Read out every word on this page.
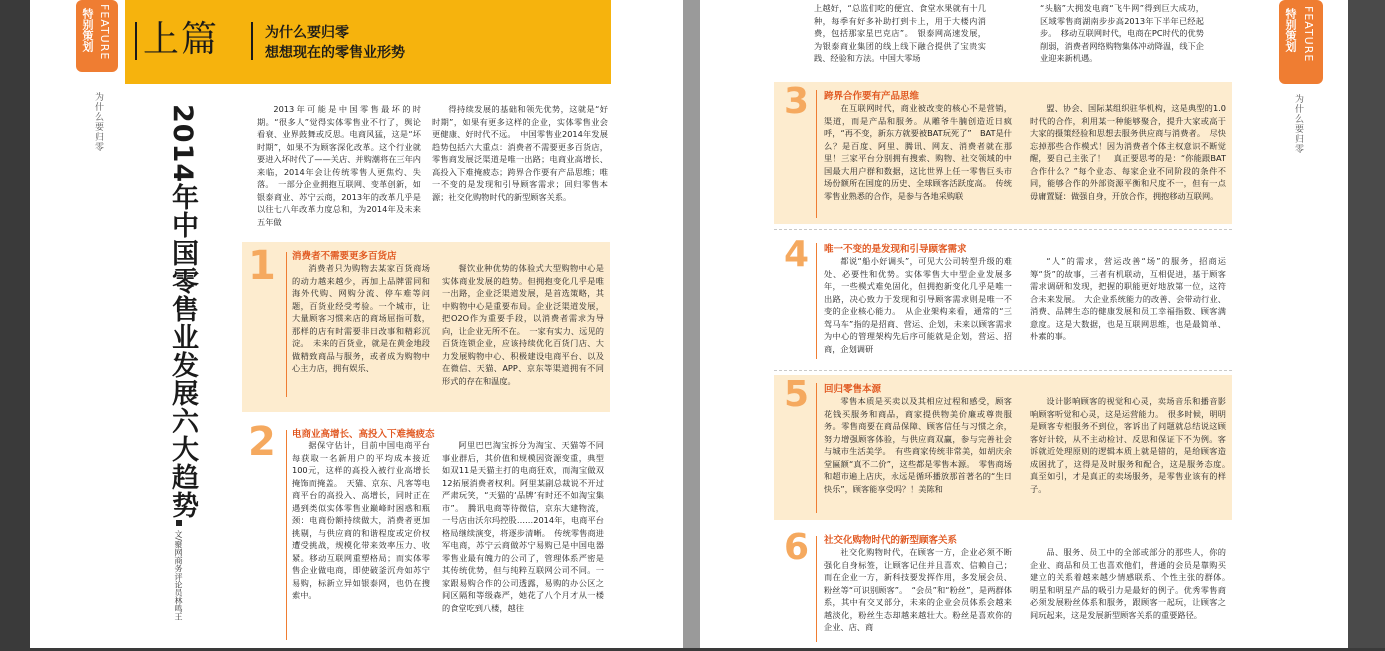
特别策划 FEATURE
为什么要归零
上篇	为什么要归零
想想现在的零售业形势
2014年中国零售业发展六大趋势
文/聚网商务评论员林鸣王

2013年可能是中国零售最坏的时期。“很多人”觉得实体零售业不行了，舆论看衰、业界鼓舞或反思。电商风猛，这是“坏时期”，如果不为顾客深化改革。这个行业就要进入坏时代了——关店、并购潮将在三年内来临，2014年会让传统零售人更焦灼、失落。　一部分企业拥抱互联网、变革创新，如银泰商业、苏宁云商，2013年的改革几乎是以往七八年改革力度总和，为2014年及未来五年做

得持续发展的基础和领先优势，这就是“好时期”，如果有更多这样的企业，实体零售业会更健康、好时代不远。　中国零售业2014年发展趋势包括六大重点：消费者不需要更多百货店，零售商发展泛渠道是唯一出路；电商业高增长、高投入下难掩疲态；跨界合作要有产品思维；唯一不变的是发现和引导顾客需求；回归零售本源；社交化购物时代的新型顾客关系。

1 消费者不需要更多百货店

消费者只为购物去某家百货商场的动力越来越少，再加上品牌雷同和海外代购、网购分流、停车难等问题，百货业经受考验。一个城市，让大量顾客习惯来店的商场屈指可数，那样的店有时需要非日改事和精彩沉淀。　未来的百货业，就是在黄金地段做精致商品与服务，或者成为购物中心主力店，拥有娱乐、

餐饮业种优势的体验式大型购物中心是实体商业发展的趋势。但拥抱变化几乎是唯一出路，企业泛渠道发展，是首选策略，其中购物中心是重要布局。企业泛渠道发展，把O2O作为重要手段，以消费者需求为导向，让企业无所不在。　一家有实力、远见的百货连锁企业，应该持续优化百货门店、大力发展购物中心、积极建设电商平台、以及在微信、天猫、APP、京东等渠道拥有不同形式的存在和温度。

2 电商业高增长、高投入下难掩疲态

据保守估计，目前中国电商平台每获取一名新用户的平均成本接近100元，这样的高投入被行业高增长掩饰而掩盖。　天猫、京东、凡客等电商平台的高投入、高增长，同时正在遇到类似实体零售业巅峰时困惑和瓶颈：电商份额持续做大，消费者更加挑剔，与供应商的和谐程度或定价权遭受挑战，规模化带来效率压力、收紧。移动互联网重塑格局；而实体零售企业做电商，即使破釜沉舟如苏宁易购，标新立异如银泰网，也仍在搜索中。

阿里巴巴淘宝拆分为淘宝、天猫等不同事业群后，其价值和规模因资源变重，典型如双11是天猫主打的电商狂欢，而淘宝做双12拓展消费者权利。阿里某副总裁说不开过严肃玩笑，“天猫的‘品牌’有时还不如淘宝集市”。　腾讯电商等待微信，京东大建物流，一号店由沃尔玛控股……2014年，电商平台格局继续演变，将逐步清晰。　传统零售商进军电商，苏宁云商做苏宁易购已是中国电器零售业最有魄力的公司了，管理体系严密是其传统优势，但与纯粹互联网公司不同。一家跟易购合作的公司透露，易购的办公区之间区隔和等级森严，她花了八个月才从一楼的食堂吃到八楼，越往

上越好，“总监们吃的便宜、食堂水果就有十几种，每季有好多补助打到卡上，用于大楼内消费，包括那家星巴克店”。　银泰网高速发展，为银泰商业集团的线上线下融合提供了宝贵实践、经验和方法。中国大零场

“头脑”大拥发电商“飞牛网”得到巨大成功，区域零售商湖南步步高2013年下半年已经起步。　移动互联网时代，电商在PC时代的优势削弱，消费者网络购物集体冲动降温，线下企业迎来新机遇。

3 跨界合作要有产品思维

在互联网时代，商业被改变的核心不是营销，渠道，而是产品和服务。从雕爷牛腩创造近日疯呼，“再不变，新东方就要被BAT玩死了”　BAT是什么？是百度、阿里、腾讯、网友、消费者就在那里！三家平台分别拥有搜索、购物、社交领域的中国最大用户群和数据，这比世界上任一零售巨头市场份额所在国度的历史、全球顾客活跃度高。　传统零售业熟悉的合作，是参与各地采购联

盟、协会、国际某组织驻华机构，这是典型的1.0时代的合作，利用某一种能够聚合，提升大家或高于大家的摄策经验和思想去服务供应商与消费者。　尽快忘掉那些合作模式！因为消费者个体主权意识不断觉醒，要自己主张了！　真正要思考的是：“你能跟BAT合作什么？”每个业态、每家企业不同阶段的条件不同，能够合作的外部资源平衡和尺度不一，但有一点毋庸置疑：做强自身，开放合作，拥抱移动互联网。

4 唯一不变的是发现和引导顾客需求

都说“船小好调头”，可见大公司转型升级的难处、必要性和优势。实体零售大中型企业发展多年，一些模式难免固化，但拥抱新变化几乎是唯一出路，决心致力于发现和引导顾客需求则是唯一不变的企业核心能力。　从企业架构来看，通常的“三驾马车”指的是招商、营运、企划，未来以顾客需求为中心的管理架构先后序可能就是企划，营运、招商，企划调研

“人”的需求，营运改善“场”的服务，招商运筹“货”的故事，三者有机联动，互相促进，基于顾客需求调研和发现，把握的职能更好地放第一位，这符合未来发展。　大企业系统能力的改善、会带动行业、消费、品牌生态的健康发展和员工幸福指数、顾客满意度。这是大数据，也是互联网思维，也是最简单、朴素的事。

5 回归零售本源

零售本质是买卖以及其相应过程和感受，顾客花钱买服务和商品，商家提供物美价廉或尊贵服务。零售商要在商品保障、顾客信任与习惯之余，努力增强顾客体验，与供应商双赢，参与完善社会与城市生活美学。　有些商家传统非常美，如胡庆余堂匾额“真不二价”，这些都是零售本源。　零售商场和超市遍上店庆，永远是循环播放那首著名的“生日快乐”，顾客能享受吗？！美陈和

设计影响顾客的视觉和心灵，卖场音乐和播音影响顾客听觉和心灵，这是运营能力。　很多时候，明明是顾客专柜服务不到位，客诉出了问题就总结说这顾客好计较，从不主动检讨、反思和保证下不为例。客诉就近处理原则的逻辑本质上就是错的，是给顾客造成困扰了，这得是及时服务和配合，这是服务态度。　真至如引，才是真正的卖场服务，是零售业该有的样子。

6 社交化购物时代的新型顾客关系

社交化购物时代，在顾客一方，企业必须不断强化自身标签，让顾客记住并且喜欢、信赖自己；而在企业一方，新科技要发挥作用，多发展会员、粉丝等“可识别顾客”。　“会员”和“粉丝”，是两群体系，其中有交叉部分，未来的企业会员体系会越来越淡化，粉丝生态却越来越壮大。粉丝是喜欢你的企业、店、商

品、服务、员工中的全部或部分的那些人，你的企业、商品和员工也喜欢他们，普通的会员是靠购买建立的关系着越来越少情感联系、个性主张的群体。　明星和明星产品的吸引力是最好的例子。优秀零售商必须发展粉丝体系和服务，跟顾客一起玩，让顾客之间玩起来，这是发展新型顾客关系的重要路径。

特别策划 FEATURE
为什么要归零
